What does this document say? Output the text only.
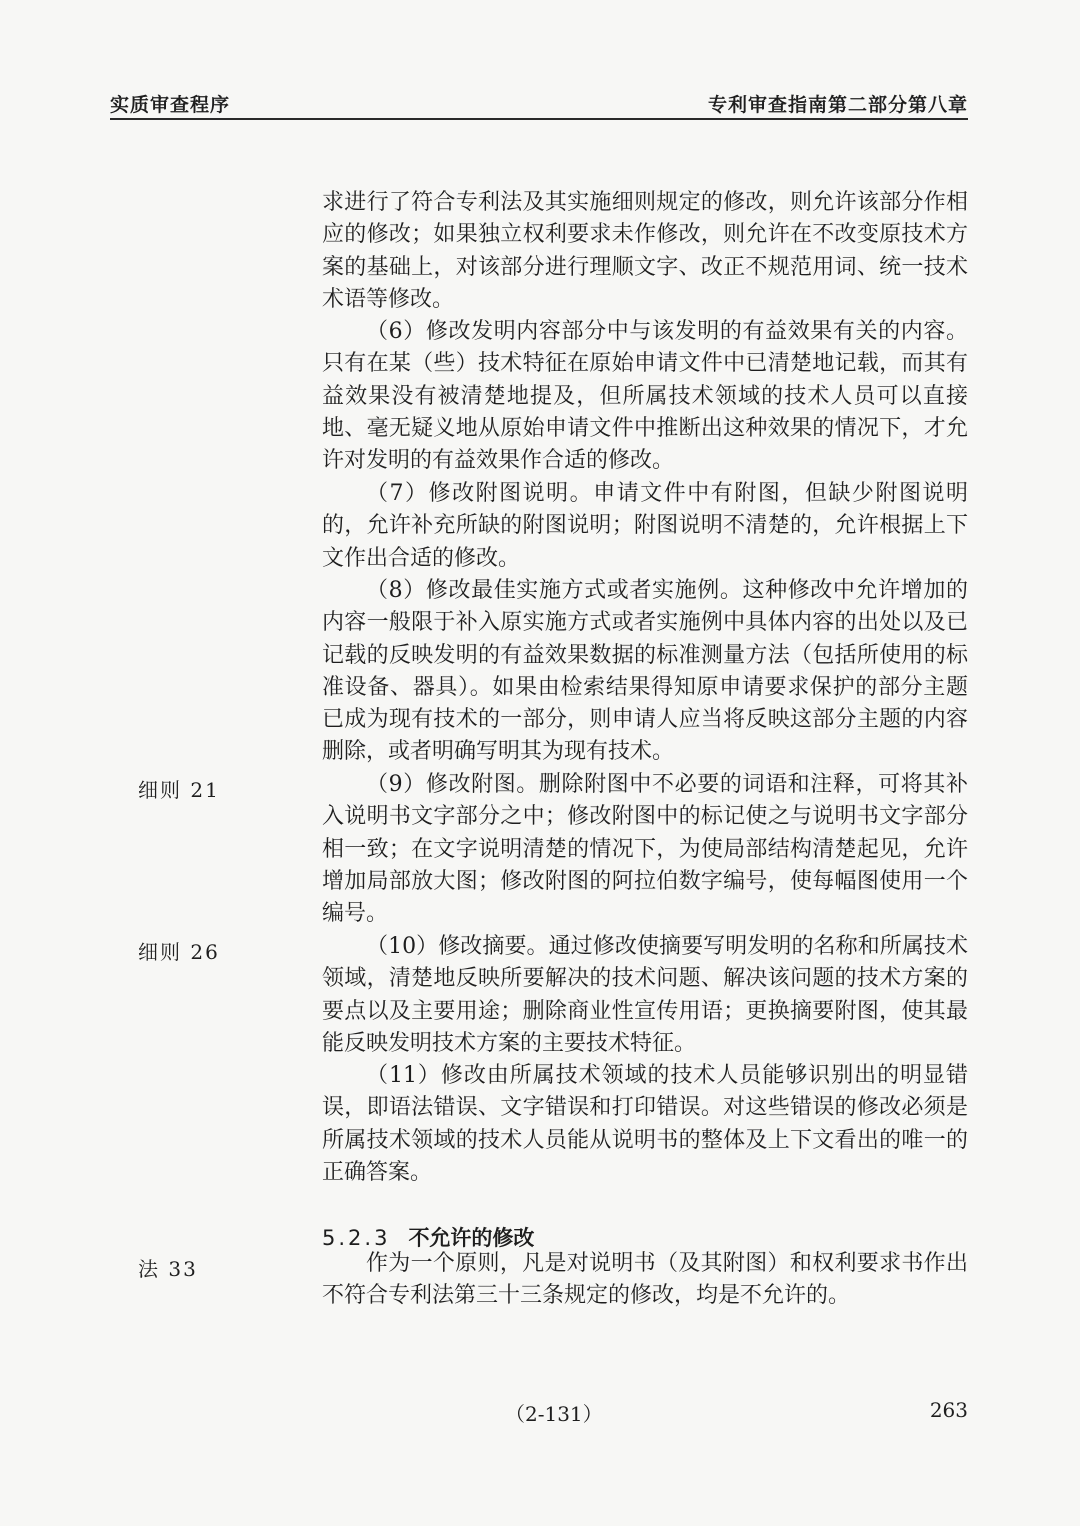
实质审查程序	专利审查指南第二部分第八章

求进行了符合专利法及其实施细则规定的修改，则允许该部分作相应的修改；如果独立权利要求未作修改，则允许在不改变原技术方案的基础上，对该部分进行理顺文字、改正不规范用词、统一技术术语等修改。

（6）修改发明内容部分中与该发明的有益效果有关的内容。只有在某（些）技术特征在原始申请文件中已清楚地记载，而其有益效果没有被清楚地提及，但所属技术领域的技术人员可以直接地、毫无疑义地从原始申请文件中推断出这种效果的情况下，才允许对发明的有益效果作合适的修改。

（7）修改附图说明。申请文件中有附图，但缺少附图说明的，允许补充所缺的附图说明；附图说明不清楚的，允许根据上下文作出合适的修改。

（8）修改最佳实施方式或者实施例。这种修改中允许增加的内容一般限于补入原实施方式或者实施例中具体内容的出处以及已记载的反映发明的有益效果数据的标准测量方法（包括所使用的标准设备、器具）。如果由检索结果得知原申请要求保护的部分主题已成为现有技术的一部分，则申请人应当将反映这部分主题的内容删除，或者明确写明其为现有技术。

细则 21	（9）修改附图。删除附图中不必要的词语和注释，可将其补入说明书文字部分之中；修改附图中的标记使之与说明书文字部分相一致；在文字说明清楚的情况下，为使局部结构清楚起见，允许增加局部放大图；修改附图的阿拉伯数字编号，使每幅图使用一个编号。

细则 26	（10）修改摘要。通过修改使摘要写明发明的名称和所属技术领域，清楚地反映所要解决的技术问题、解决该问题的技术方案的要点以及主要用途；删除商业性宣传用语；更换摘要附图，使其最能反映发明技术方案的主要技术特征。

（11）修改由所属技术领域的技术人员能够识别出的明显错误，即语法错误、文字错误和打印错误。对这些错误的修改必须是所属技术领域的技术人员能从说明书的整体及上下文看出的唯一的正确答案。

5.2.3 不允许的修改
法 33	作为一个原则，凡是对说明书（及其附图）和权利要求书作出不符合专利法第三十三条规定的修改，均是不允许的。

（2-131）	263
